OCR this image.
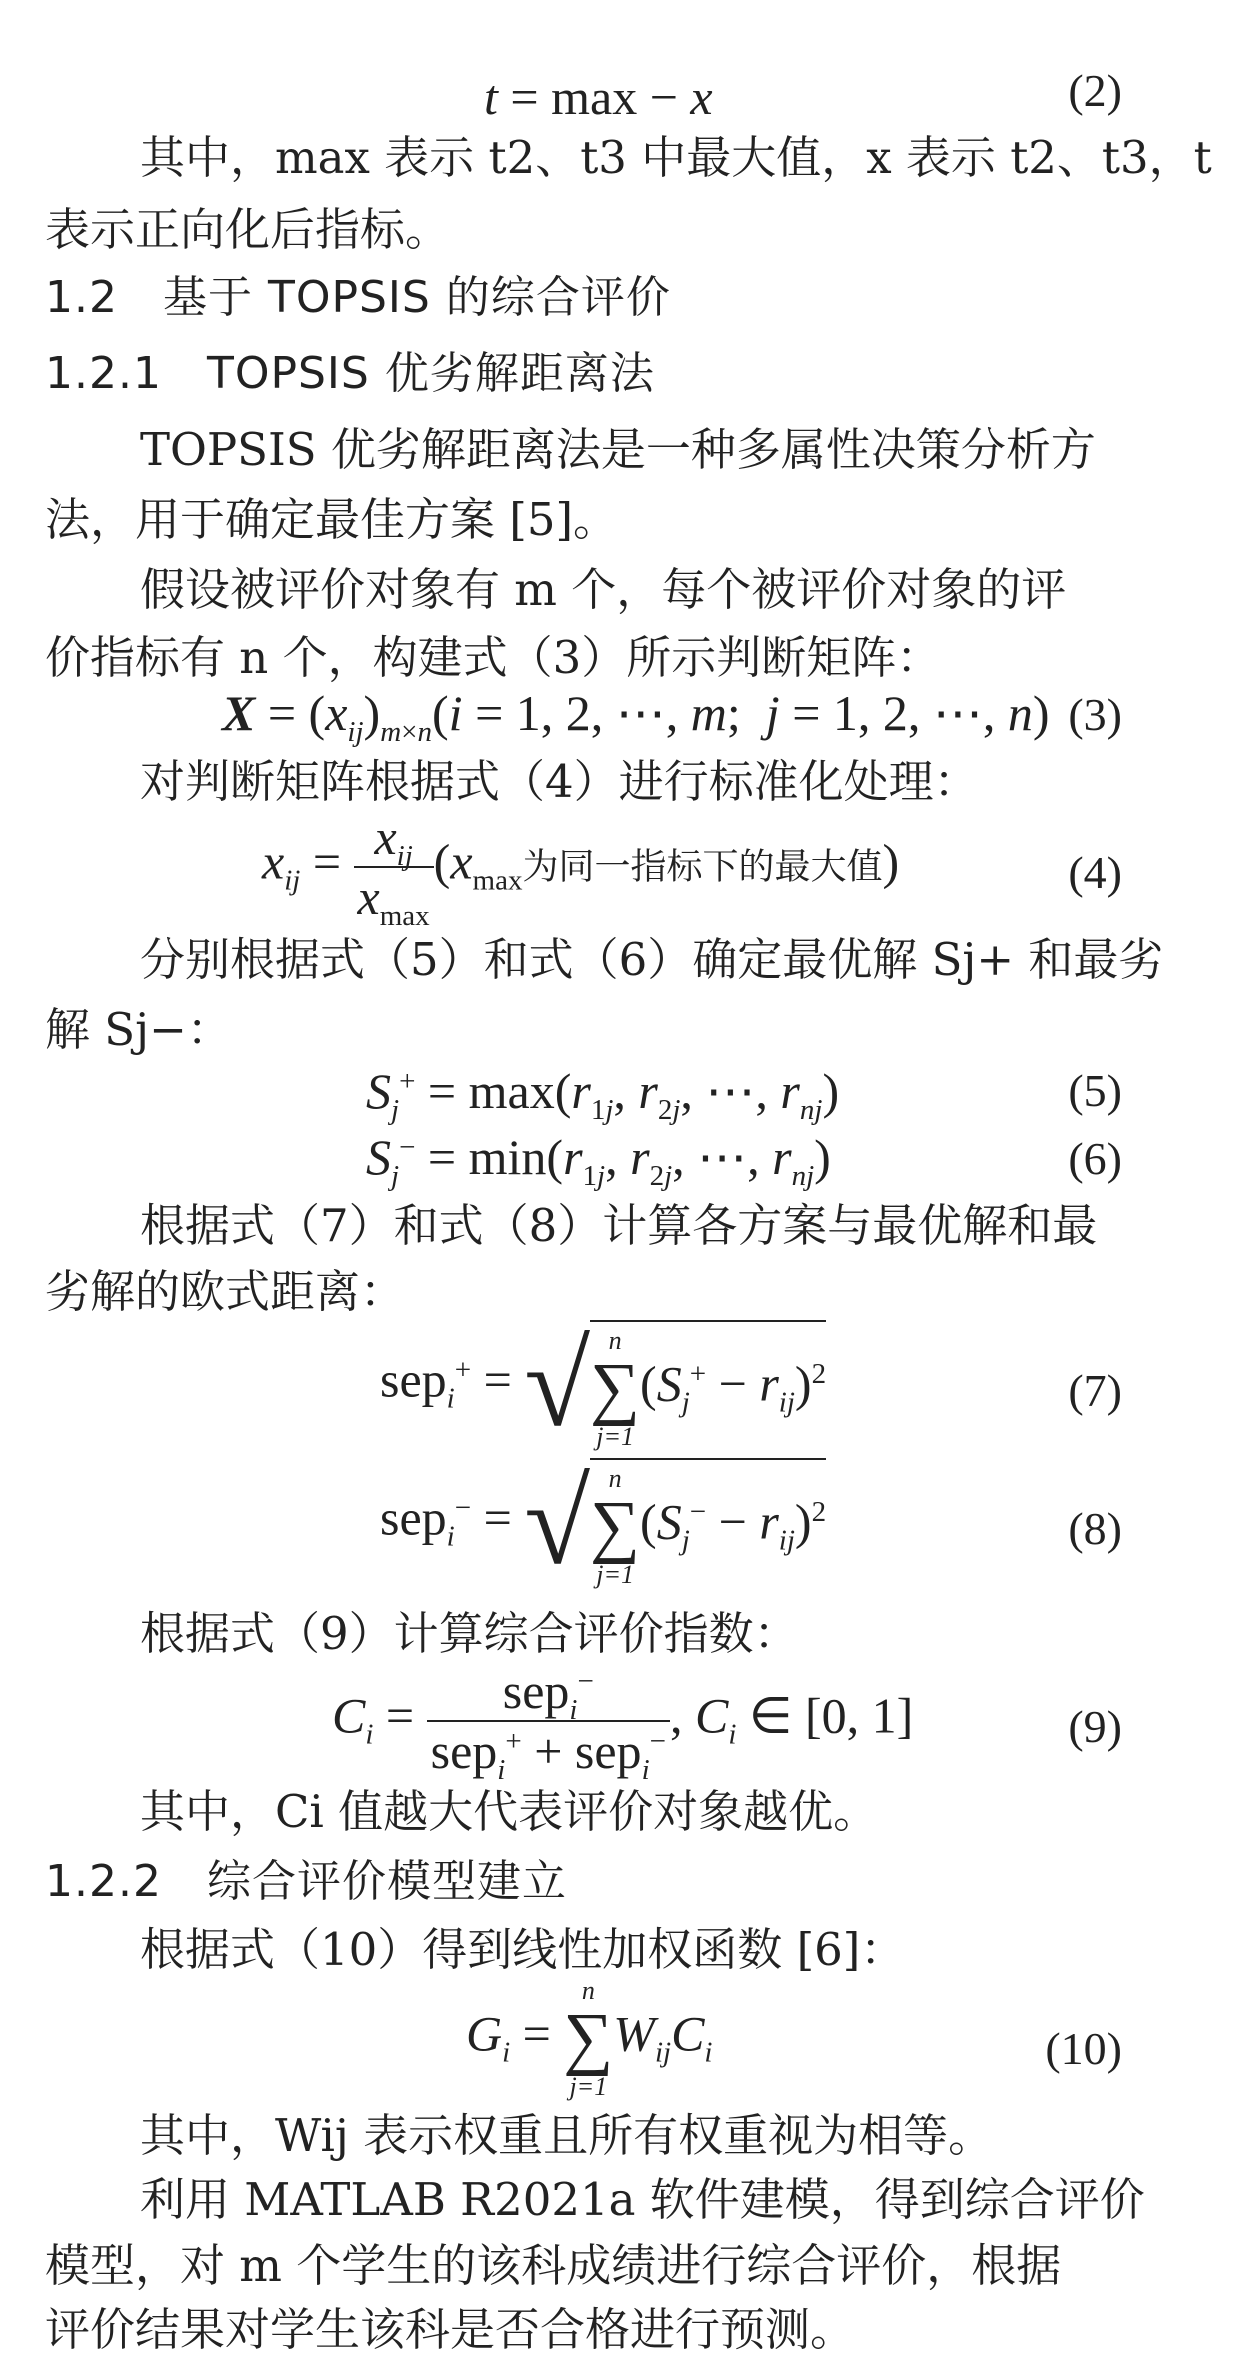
t = max − x	(2)
其中，max 表示 t2、t3 中最大值，x 表示 t2、t3，t
表示正向化后指标。
1.2　基于 TOPSIS 的综合评价
1.2.1　TOPSIS 优劣解距离法
TOPSIS 优劣解距离法是一种多属性决策分析方
法，用于确定最佳方案 [5]。
假设被评价对象有 m 个，每个被评价对象的评
价指标有 n 个，构建式（3）所示判断矩阵：
$X = (x_{ij})_{m\times n}(i = 1$, 2, ⋯, m;  j = 1, 2, ⋯, n) (3)
对判断矩阵根据式（4）进行标准化处理：
$x_{ij} = \frac{x_{ij}}{x_{max}} (x_{max}$为同一指标下的最大值)	(4)
分别根据式（5）和式（6）确定最优解 Sj+ 和最劣
解 Sj−：
$S_j^+ = \max(r_{1j}$, $r_{2j}$, ⋯, $r_{nj}$)	(5)
$S_j^- = \min(r_{1j}$, $r_{2j}$, ⋯, $r_{nj}$)	(6)
根据式（7）和式（8）计算各方案与最优解和最
劣解的欧式距离：
sep$_i$+ = √ n
∑
j=1
$(S_j^+ - r_{ij})^2$	(7)
sep$_i$− = √ n
∑
j=1
$(S_j^- - r_{ij})^2$	(8)
根据式（9）计算综合评价指数：
$C_i = \frac{sep_i^-}{sep_i^+ + sep_i^-}$ , $C_i$ ∈ [0, 1]	(9)
其中，Ci 值越大代表评价对象越优。
1.2.2　综合评价模型建立
根据式（10）得到线性加权函数 [6]：
$G_i$ =
n
∑
j=1
$W_{ij}C_i$	(10)
其中，Wij 表示权重且所有权重视为相等。
利用 MATLAB R2021a 软件建模，得到综合评价
模型，对 m 个学生的该科成绩进行综合评价，根据
评价结果对学生该科是否合格进行预测。
